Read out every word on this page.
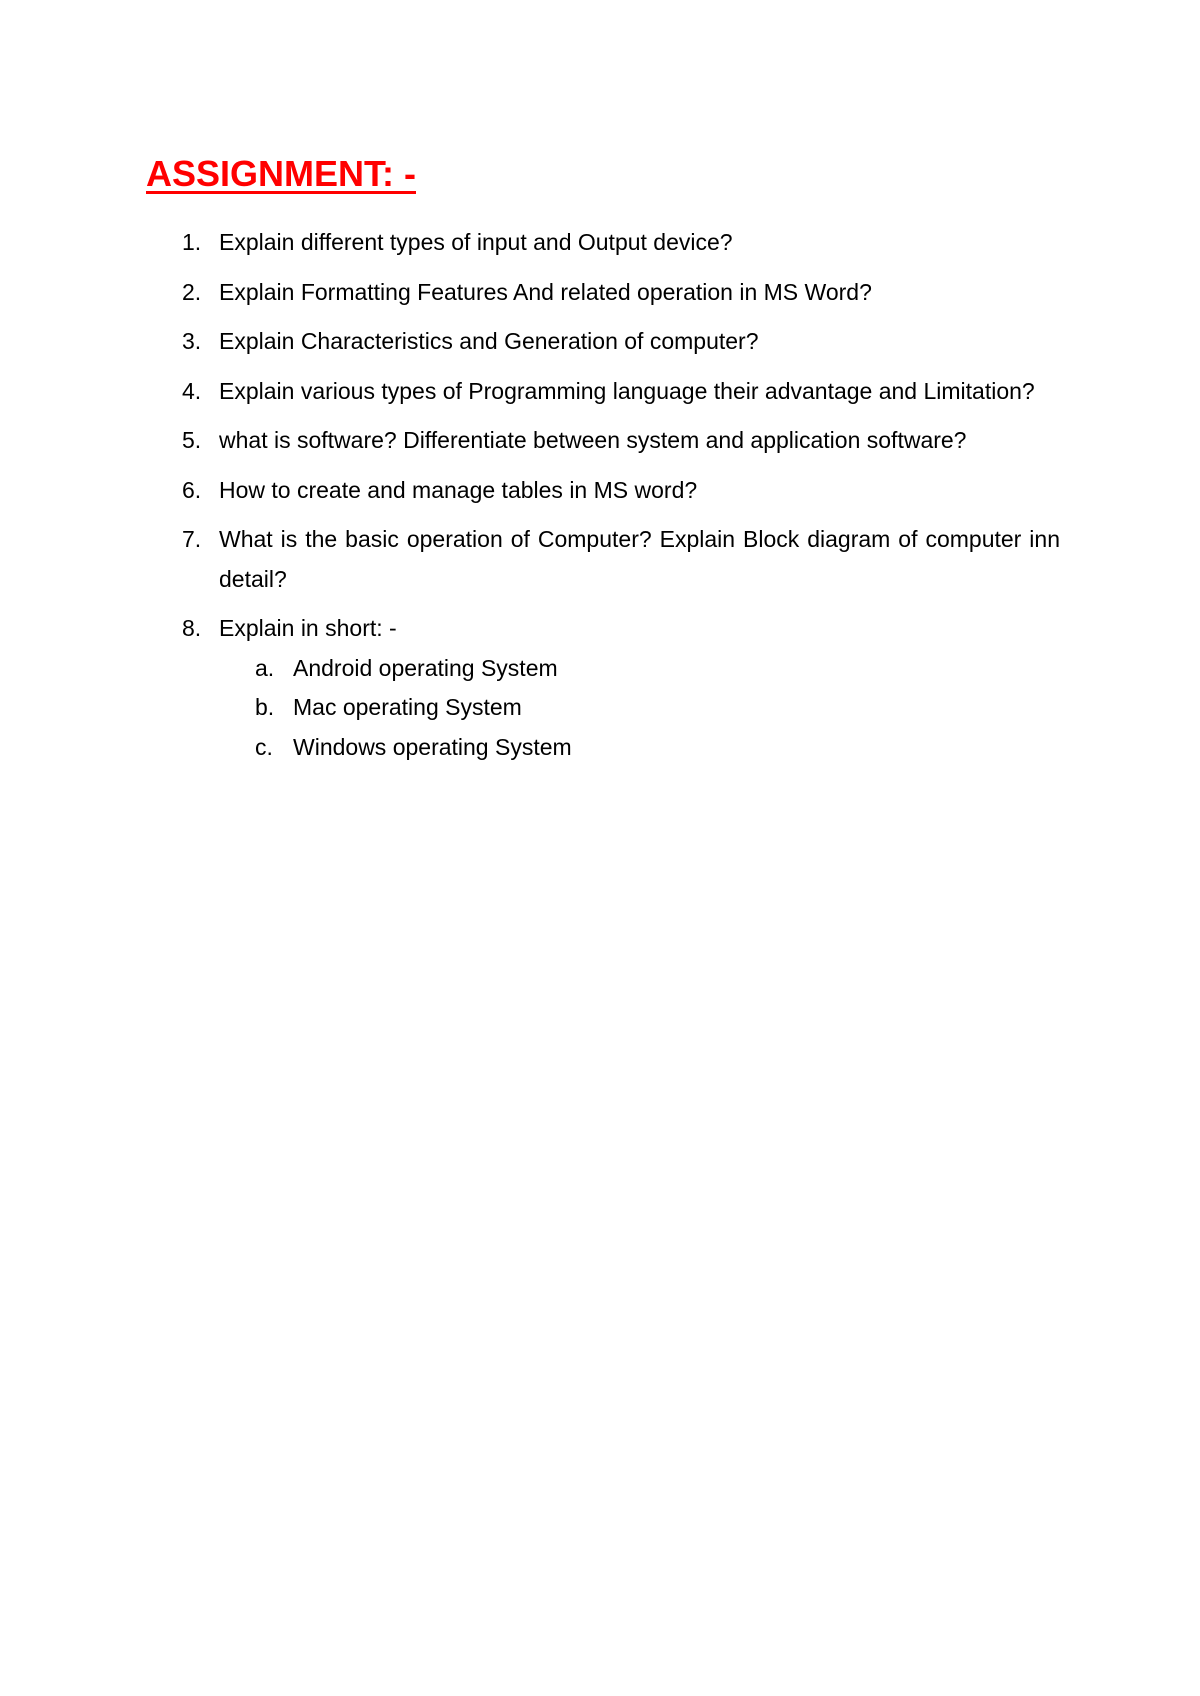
ASSIGNMENT: -
1. Explain different types of input and Output device?
2. Explain Formatting Features And related operation in MS Word?
3. Explain Characteristics and Generation of computer?
4. Explain various types of Programming language their advantage and Limitation?
5. what is software? Differentiate between system and application software?
6. How to create and manage tables in MS word?
7. What is the basic operation of Computer? Explain Block diagram of computer inn detail?
8. Explain in short: -
a. Android operating System
b. Mac operating System
c. Windows operating System
